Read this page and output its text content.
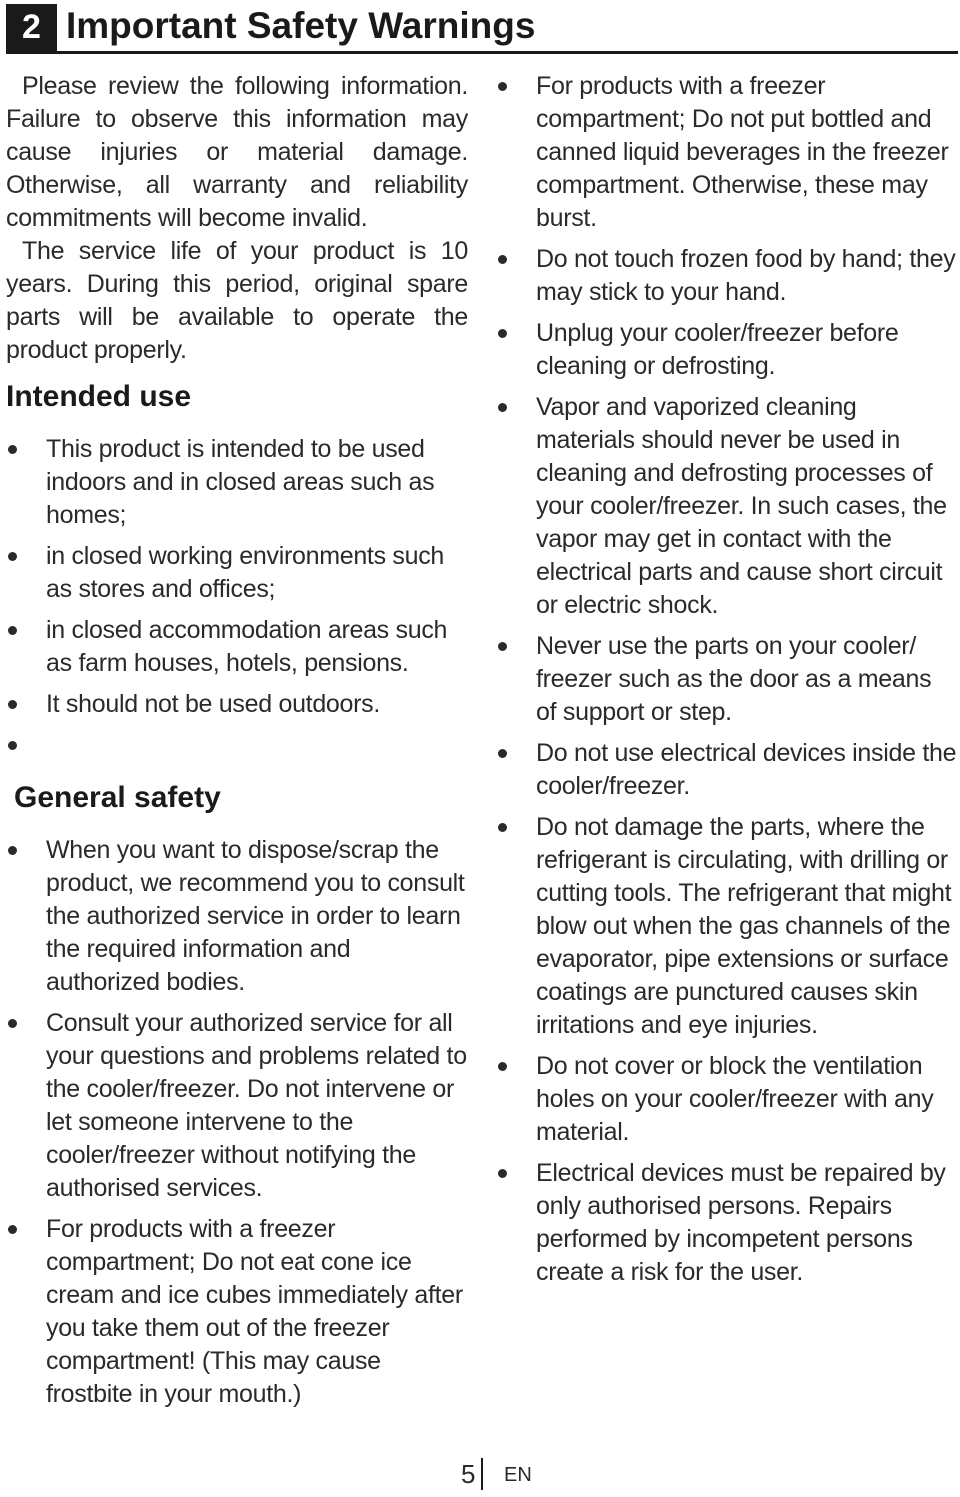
2 Important Safety Warnings

Please review the following information. Failure to observe this information may cause injuries or material damage. Otherwise, all warranty and reliability commitments will become invalid.

The service life of your product is 10 years. During this period, original spare parts will be available to operate the product properly.

Intended use
This product is intended to be used indoors and in closed areas such as homes;
in closed working environments such as stores and offices;
in closed accommodation areas such as farm houses, hotels, pensions.
It should not be used outdoors.
General safety
When you want to dispose/scrap the product, we recommend you to consult the authorized service in order to learn the required information and authorized bodies.
Consult your authorized service for all your questions and problems related to the cooler/freezer. Do not intervene or let someone intervene to the cooler/freezer without notifying the authorised services.
For products with a freezer compartment; Do not eat cone ice cream and ice cubes immediately after you take them out of the freezer compartment! (This may cause frostbite in your mouth.)
For products with a freezer compartment; Do not put bottled and canned liquid beverages in the freezer compartment. Otherwise, these may burst.
Do not touch frozen food by hand; they may stick to your hand.
Unplug your cooler/freezer before cleaning or defrosting.
Vapor and vaporized cleaning materials should never be used in cleaning and defrosting processes of your cooler/freezer. In such cases, the vapor may get in contact with the electrical parts and cause short circuit or electric shock.
Never use the parts on your cooler/ freezer such as the door as a means of support or step.
Do not use electrical devices inside the cooler/freezer.
Do not damage the parts, where the refrigerant is circulating, with drilling or cutting tools. The refrigerant that might blow out when the gas channels of the evaporator, pipe extensions or surface coatings are punctured causes skin irritations and eye injuries.
Do not cover or block the ventilation holes on your cooler/freezer with any material.
Electrical devices must be repaired by only authorised persons. Repairs performed by incompetent persons create a risk for the user.
5 EN
